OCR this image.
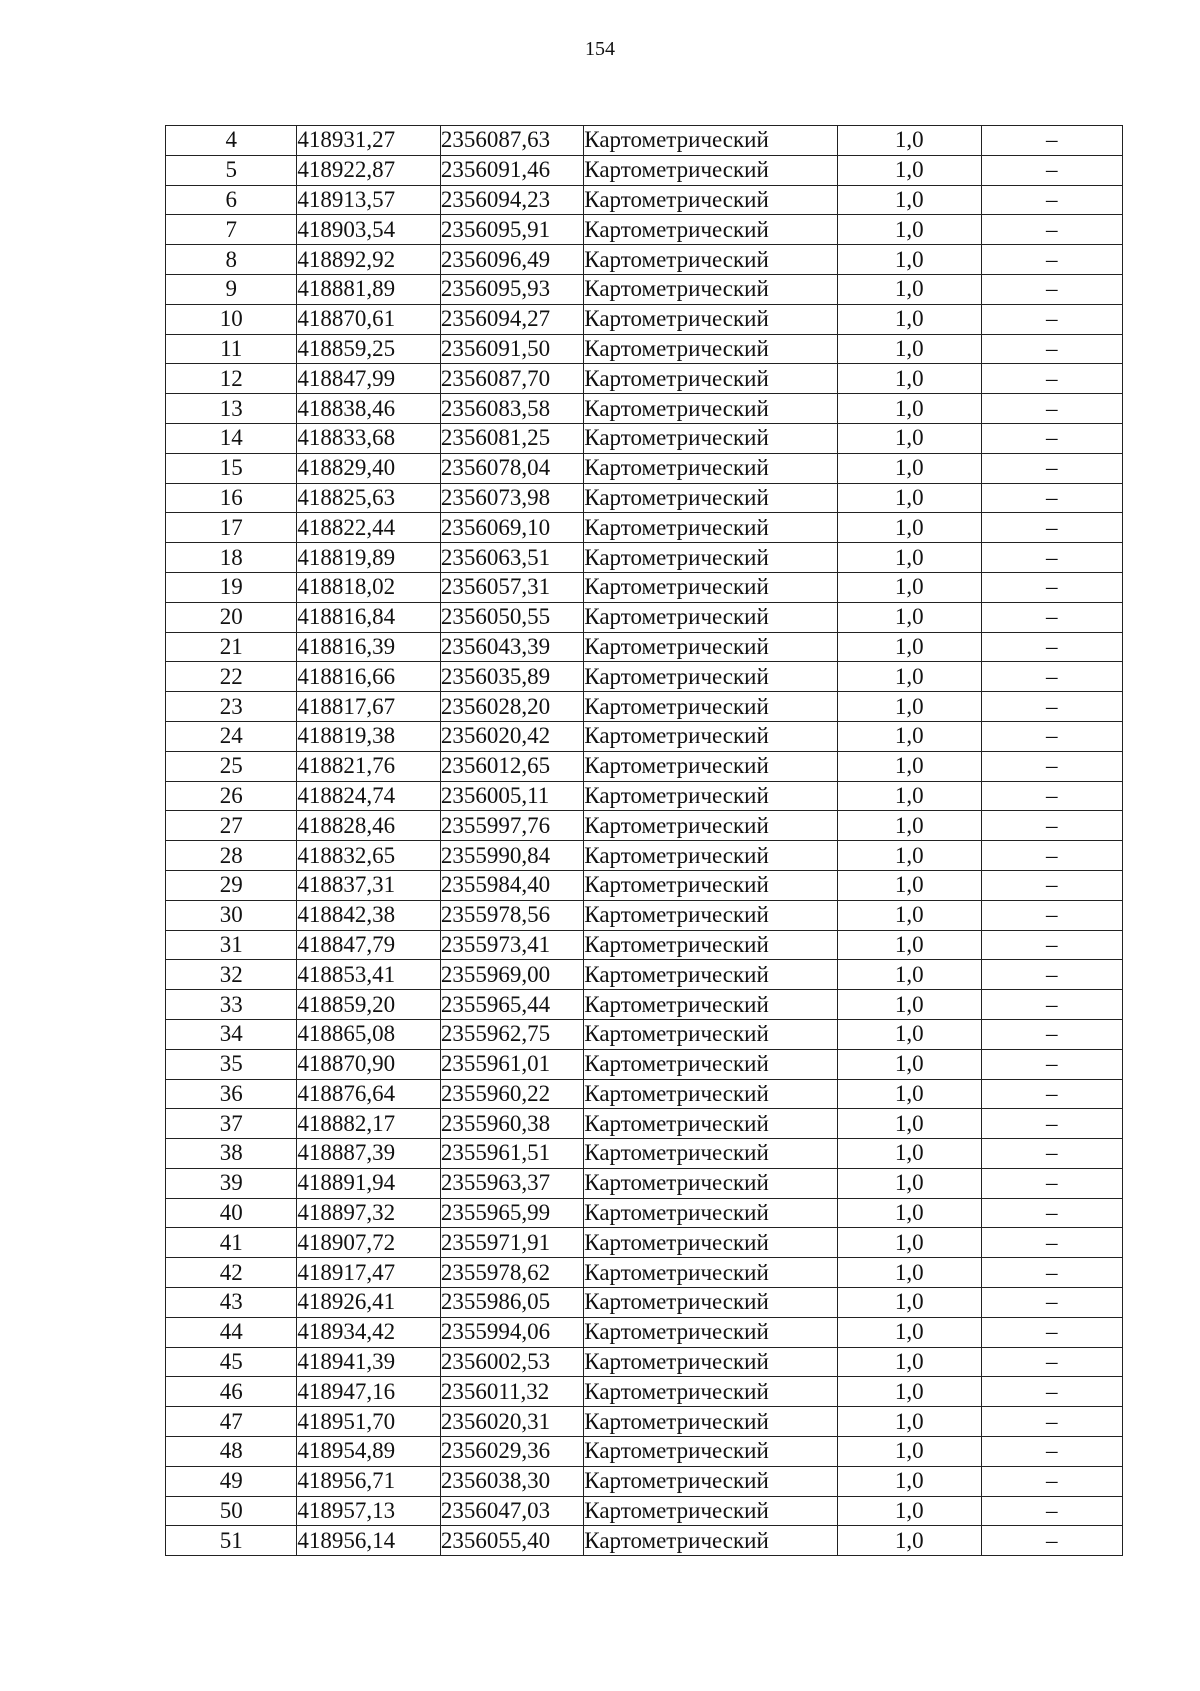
154
4	418931,27	2356087,63	Картометрический	1,0	–
5	418922,87	2356091,46	Картометрический	1,0	–
6	418913,57	2356094,23	Картометрический	1,0	–
7	418903,54	2356095,91	Картометрический	1,0	–
8	418892,92	2356096,49	Картометрический	1,0	–
9	418881,89	2356095,93	Картометрический	1,0	–
10	418870,61	2356094,27	Картометрический	1,0	–
11	418859,25	2356091,50	Картометрический	1,0	–
12	418847,99	2356087,70	Картометрический	1,0	–
13	418838,46	2356083,58	Картометрический	1,0	–
14	418833,68	2356081,25	Картометрический	1,0	–
15	418829,40	2356078,04	Картометрический	1,0	–
16	418825,63	2356073,98	Картометрический	1,0	–
17	418822,44	2356069,10	Картометрический	1,0	–
18	418819,89	2356063,51	Картометрический	1,0	–
19	418818,02	2356057,31	Картометрический	1,0	–
20	418816,84	2356050,55	Картометрический	1,0	–
21	418816,39	2356043,39	Картометрический	1,0	–
22	418816,66	2356035,89	Картометрический	1,0	–
23	418817,67	2356028,20	Картометрический	1,0	–
24	418819,38	2356020,42	Картометрический	1,0	–
25	418821,76	2356012,65	Картометрический	1,0	–
26	418824,74	2356005,11	Картометрический	1,0	–
27	418828,46	2355997,76	Картометрический	1,0	–
28	418832,65	2355990,84	Картометрический	1,0	–
29	418837,31	2355984,40	Картометрический	1,0	–
30	418842,38	2355978,56	Картометрический	1,0	–
31	418847,79	2355973,41	Картометрический	1,0	–
32	418853,41	2355969,00	Картометрический	1,0	–
33	418859,20	2355965,44	Картометрический	1,0	–
34	418865,08	2355962,75	Картометрический	1,0	–
35	418870,90	2355961,01	Картометрический	1,0	–
36	418876,64	2355960,22	Картометрический	1,0	–
37	418882,17	2355960,38	Картометрический	1,0	–
38	418887,39	2355961,51	Картометрический	1,0	–
39	418891,94	2355963,37	Картометрический	1,0	–
40	418897,32	2355965,99	Картометрический	1,0	–
41	418907,72	2355971,91	Картометрический	1,0	–
42	418917,47	2355978,62	Картометрический	1,0	–
43	418926,41	2355986,05	Картометрический	1,0	–
44	418934,42	2355994,06	Картометрический	1,0	–
45	418941,39	2356002,53	Картометрический	1,0	–
46	418947,16	2356011,32	Картометрический	1,0	–
47	418951,70	2356020,31	Картометрический	1,0	–
48	418954,89	2356029,36	Картометрический	1,0	–
49	418956,71	2356038,30	Картометрический	1,0	–
50	418957,13	2356047,03	Картометрический	1,0	–
51	418956,14	2356055,40	Картометрический	1,0	–
